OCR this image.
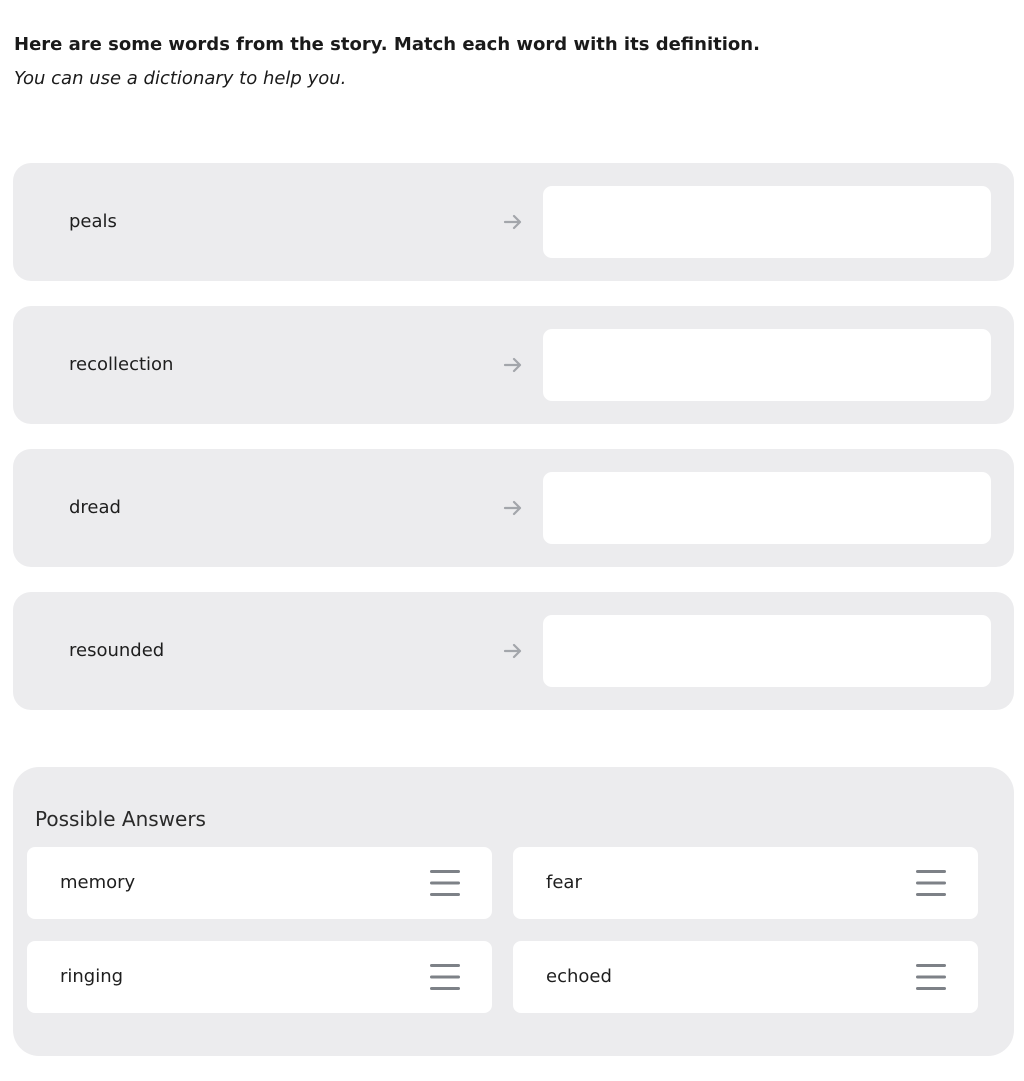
Here are some words from the story. Match each word with its definition.
You can use a dictionary to help you.
peals
recollection
dread
resounded
Possible Answers
memory	fear
ringing	echoed
